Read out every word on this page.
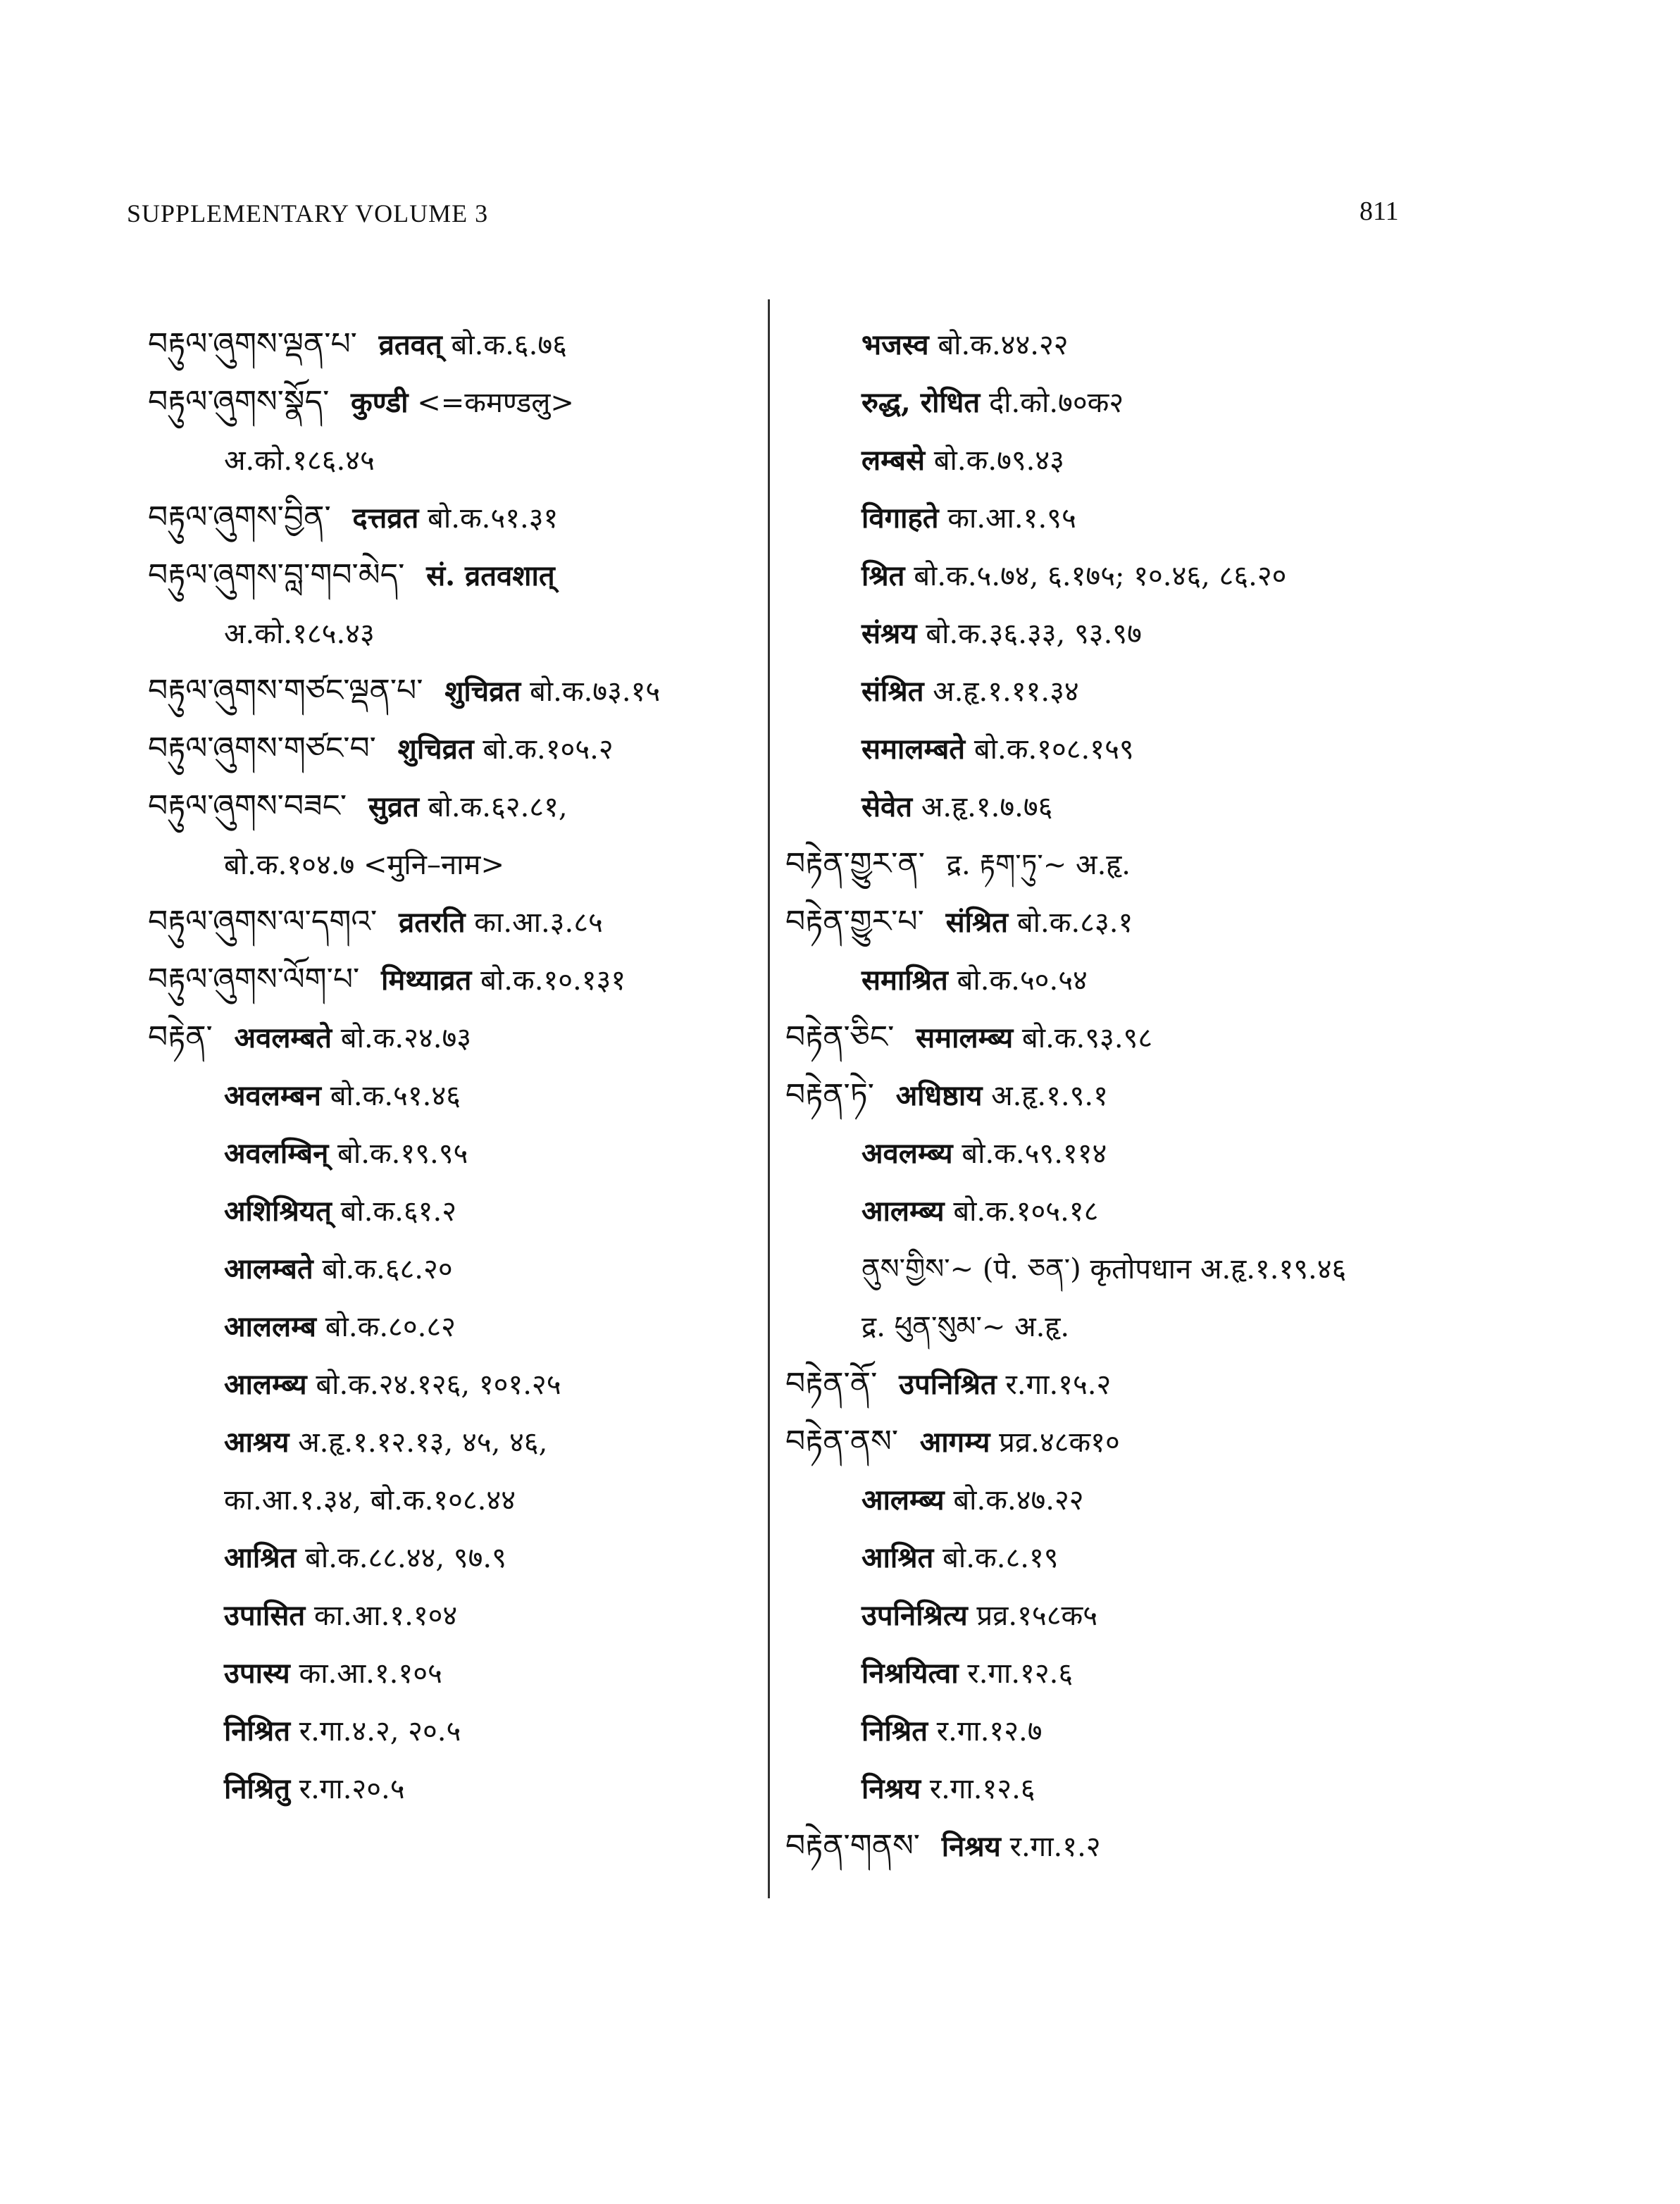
SUPPLEMENTARY VOLUME 3	811
བརྟུལ་ཞུགས་ལྡན་པ་ व्रतवत् बो.क.६.७६
བརྟུལ་ཞུགས་སྣོད་ कुण्डी <=कमण्डलु>
अ.को.१८६.४५
བརྟུལ་ཞུགས་བྱིན་ दत्तव्रत बो.क.५१.३१
བརྟུལ་ཞུགས་བླ་གབ་མེད་ सं. व्रतवशात्
अ.को.१८५.४३
བརྟུལ་ཞུགས་གཙང་ལྡན་པ་ शुचिव्रत बो.क.७३.१५
བརྟུལ་ཞུགས་གཙང་བ་ शुचिव्रत बो.क.१०५.२
བརྟུལ་ཞུགས་བཟང་ सुव्रत बो.क.६२.८१,
बो.क.१०४.७ <मुनि–नाम>
བརྟུལ་ཞུགས་ལ་དགའ་ व्रतरति का.आ.३.८५
བརྟུལ་ཞུགས་ལོག་པ་ मिथ्याव्रत बो.क.१०.१३१
བརྟེན་ अवलम्बते बो.क.२४.७३
अवलम्बन बो.क.५१.४६
अवलम्बिन् बो.क.१९.९५
अशिश्रियत् बो.क.६१.२
आलम्बते बो.क.६८.२०
आललम्ब बो.क.८०.८२
आलम्ब्य बो.क.२४.१२६, १०१.२५
आश्रय अ.हृ.१.१२.१३, ४५, ४६,
का.आ.१.३४, बो.क.१०८.४४
आश्रित बो.क.८८.४४, ९७.९
उपासित का.आ.१.१०४
उपास्य का.आ.१.१०५
निश्रित र.गा.४.२, २०.५
निश्रितु र.गा.२०.५
भजस्व बो.क.४४.२२
रुद्ध, रोधित दी.को.७०क२
लम्बसे बो.क.७९.४३
विगाहते का.आ.१.९५
श्रित बो.क.५.७४, ६.१७५; १०.४६, ८६.२०
संश्रय बो.क.३६.३३, ९३.९७
संश्रित अ.हृ.१.११.३४
समालम्बते बो.क.१०८.१५९
सेवेत अ.हृ.१.७.७६
བརྟེན་གྱུར་ན་ द्र. རྟག་ཏུ་~ अ.हृ.
བརྟེན་གྱུར་པ་ संश्रित बो.क.८३.१
समाश्रित बो.क.५०.५४
བརྟེན་ཅིང་ समालम्ब्य बो.क.९३.९८
བརྟེན་ཏེ་ अधिष्ठाय अ.हृ.१.९.१
अवलम्ब्य बो.क.५९.११४
आलम्ब्य बो.क.१०५.१८
ནུས་གྱིས་~ (पे. ཅན་) कृतोपधान अ.हृ.१.१९.४६
द्र. ཕུན་སུམ་~ अ.हृ.
བརྟེན་ནོ་ उपनिश्रित र.गा.१५.२
བརྟེན་ནས་ आगम्य प्रव्र.४८क१०
आलम्ब्य बो.क.४७.२२
आश्रित बो.क.८.१९
उपनिश्रित्य प्रव्र.१५८क५
निश्रयित्वा र.गा.१२.६
निश्रित र.गा.१२.७
निश्रय र.गा.१२.६
བརྟེན་གནས་ निश्रय र.गा.१.२
